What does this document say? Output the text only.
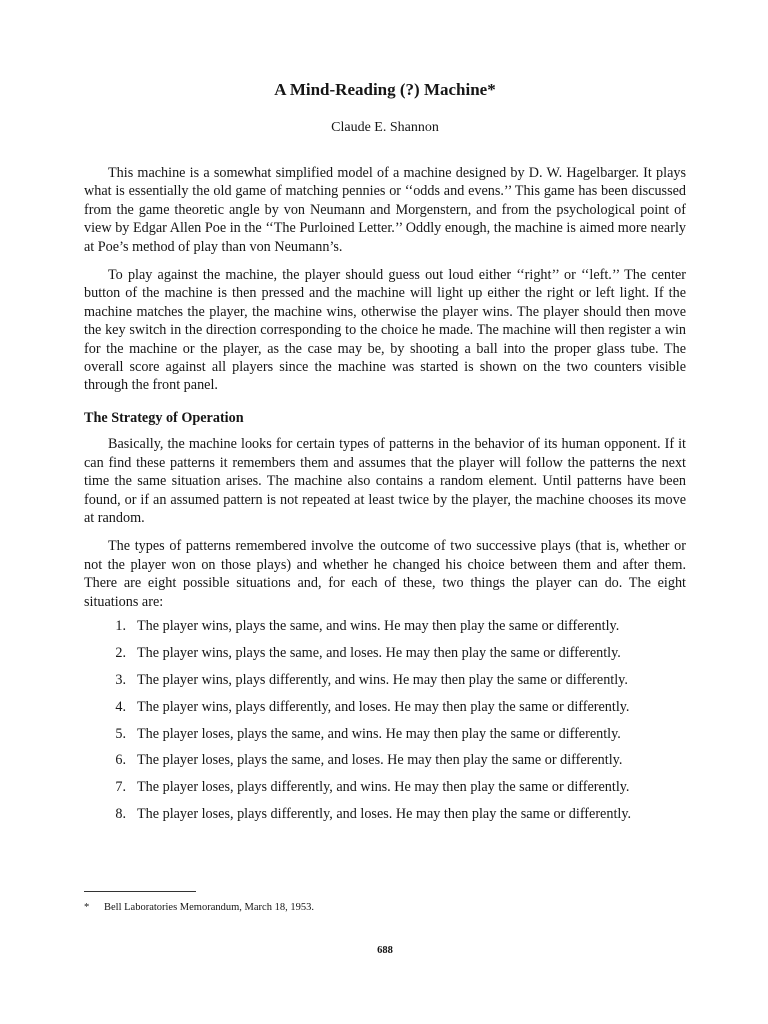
A Mind-Reading (?) Machine*
Claude E. Shannon

This machine is a somewhat simplified model of a machine designed by D. W. Hagelbarger. It plays what is essentially the old game of matching pennies or ‘‘odds and evens.’’ This game has been discussed from the game theoretic angle by von Neumann and Morgenstern, and from the psychological point of view by Edgar Allen Poe in the ‘‘The Purloined Letter.’’ Oddly enough, the machine is aimed more nearly at Poe’s method of play than von Neumann’s.

To play against the machine, the player should guess out loud either ‘‘right’’ or ‘‘left.’’ The center button of the machine is then pressed and the machine will light up either the right or left light. If the machine matches the player, the machine wins, otherwise the player wins. The player should then move the key switch in the direction corresponding to the choice he made. The machine will then register a win for the machine or the player, as the case may be, by shooting a ball into the proper glass tube. The overall score against all players since the machine was started is shown on the two counters visible through the front panel.

The Strategy of Operation

Basically, the machine looks for certain types of patterns in the behavior of its human opponent. If it can find these patterns it remembers them and assumes that the player will follow the patterns the next time the same situation arises. The machine also contains a random element. Until patterns have been found, or if an assumed pattern is not repeated at least twice by the player, the machine chooses its move at random.

The types of patterns remembered involve the outcome of two successive plays (that is, whether or not the player won on those plays) and whether he changed his choice between them and after them. There are eight possible situations and, for each of these, two things the player can do. The eight situations are:

1. The player wins, plays the same, and wins. He may then play the same or differently.
2. The player wins, plays the same, and loses. He may then play the same or differently.
3. The player wins, plays differently, and wins. He may then play the same or differently.
4. The player wins, plays differently, and loses. He may then play the same or differently.
5. The player loses, plays the same, and wins. He may then play the same or differently.
6. The player loses, plays the same, and loses. He may then play the same or differently.
7. The player loses, plays differently, and wins. He may then play the same or differently.
8. The player loses, plays differently, and loses. He may then play the same or differently.
* Bell Laboratories Memorandum, March 18, 1953.
688
